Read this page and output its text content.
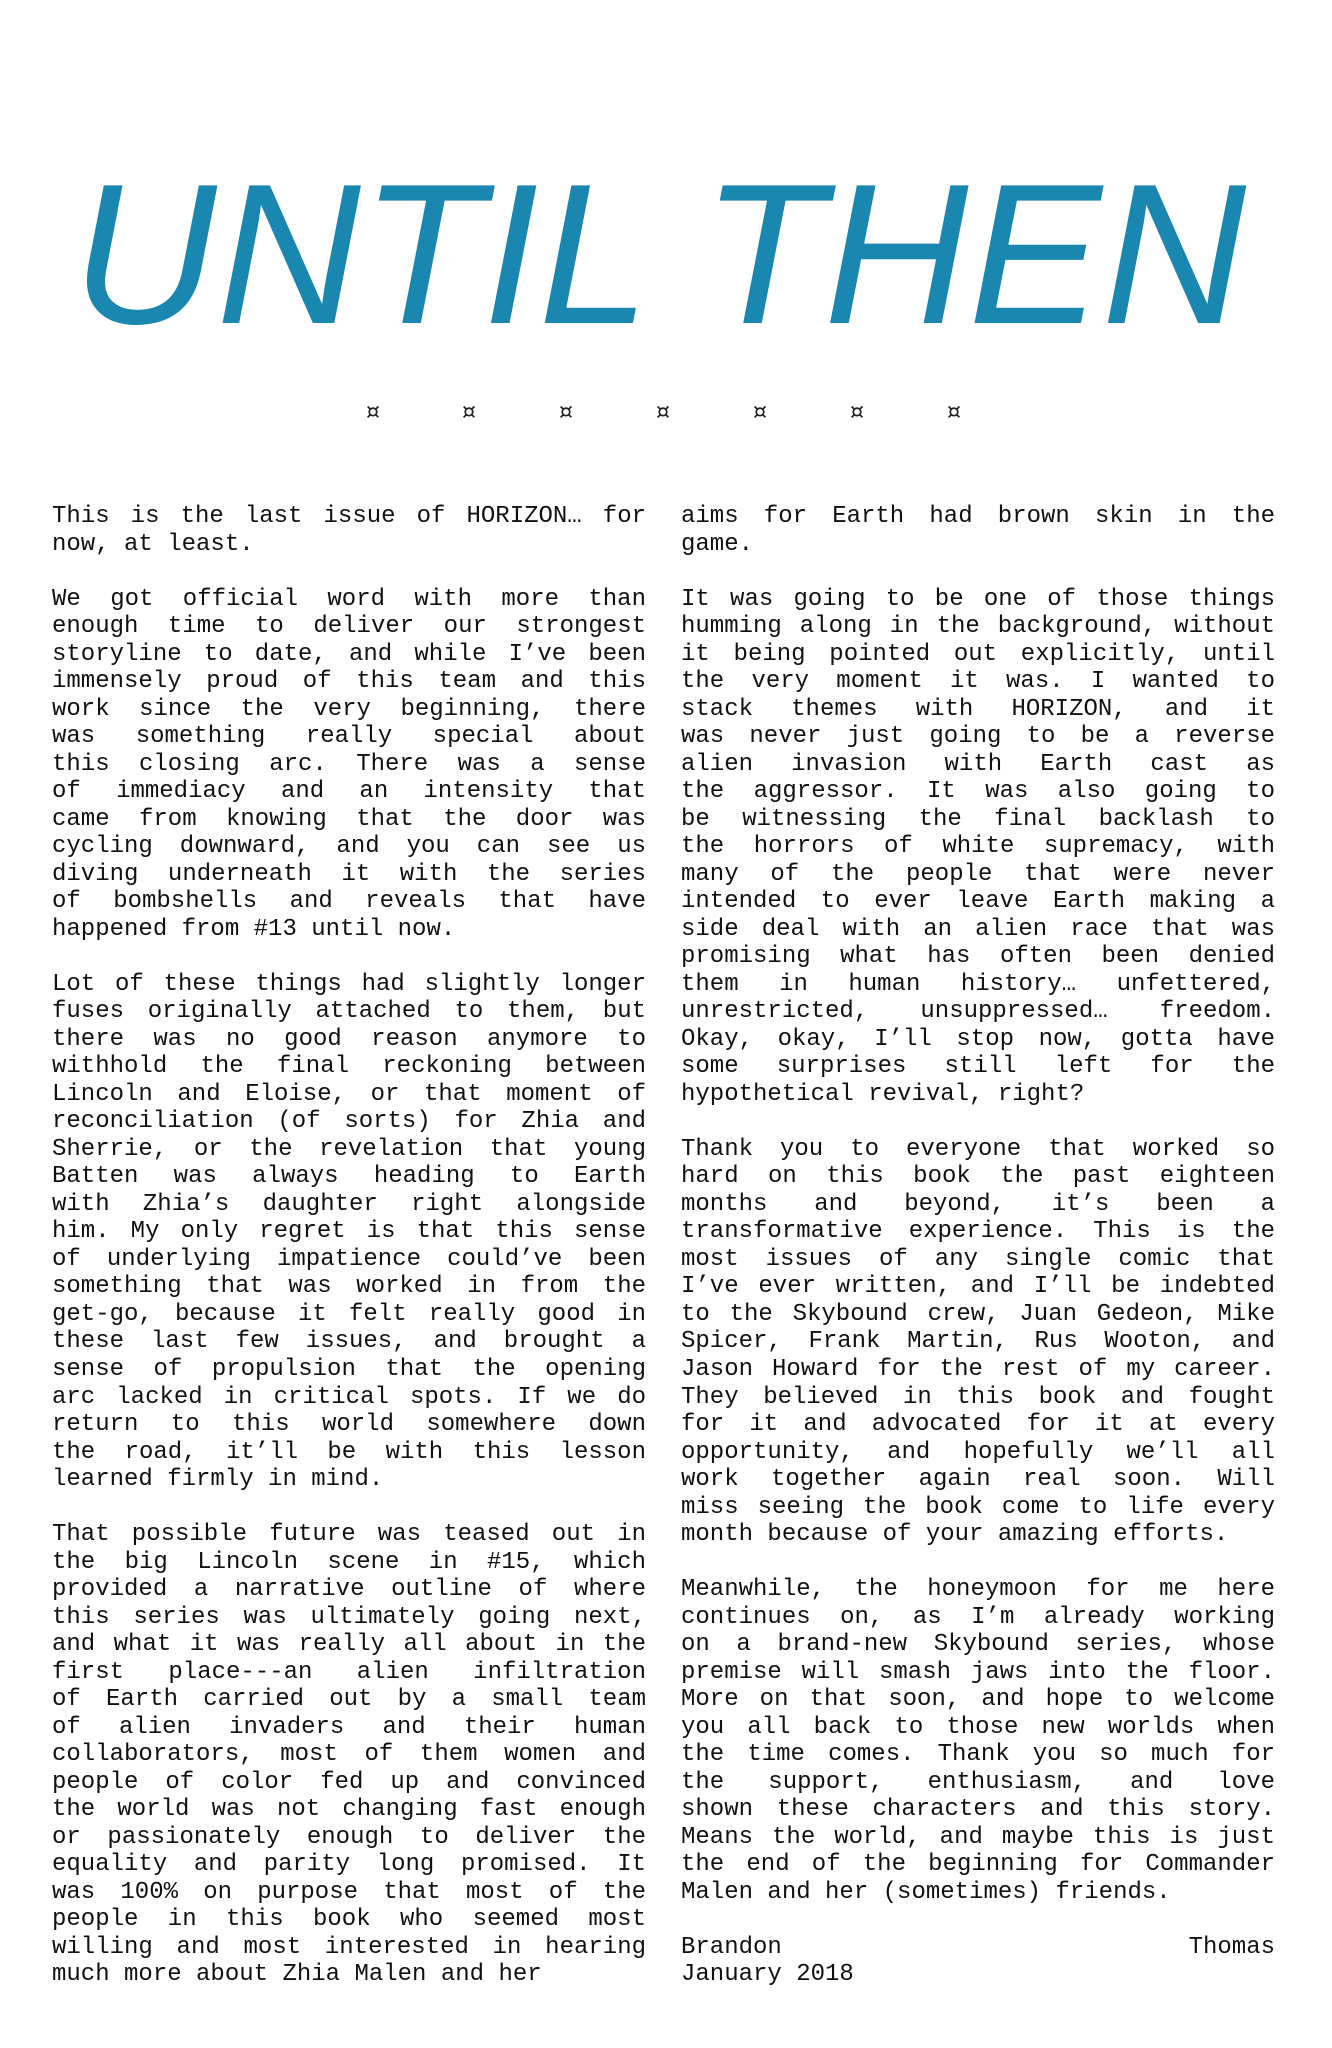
UNTIL THEN
¤	¤	¤	¤	¤	¤	¤
This is the last issue of HORIZON… for
now, at least.
We got official word with more than
enough time to deliver our strongest
storyline to date, and while I’ve been
immensely proud of this team and this
work since the very beginning, there
was something really special about
this closing arc. There was a sense
of immediacy and an intensity that
came from knowing that the door was
cycling downward, and you can see us
diving underneath it with the series
of bombshells and reveals that have
happened from #13 until now.
Lot of these things had slightly longer
fuses originally attached to them, but
there was no good reason anymore to
withhold the final reckoning between
Lincoln and Eloise, or that moment of
reconciliation (of sorts) for Zhia and
Sherrie, or the revelation that young
Batten was always heading to Earth
with Zhia’s daughter right alongside
him. My only regret is that this sense
of underlying impatience could’ve been
something that was worked in from the
get-go, because it felt really good in
these last few issues, and brought a
sense of propulsion that the opening
arc lacked in critical spots. If we do
return to this world somewhere down
the road, it’ll be with this lesson
learned firmly in mind.
That possible future was teased out in
the big Lincoln scene in #15, which
provided a narrative outline of where
this series was ultimately going next,
and what it was really all about in the
first place---an alien infiltration
of Earth carried out by a small team
of alien invaders and their human
collaborators, most of them women and
people of color fed up and convinced
the world was not changing fast enough
or passionately enough to deliver the
equality and parity long promised. It
was 100% on purpose that most of the
people in this book who seemed most
willing and most interested in hearing
much more about Zhia Malen and her
aims for Earth had brown skin in the
game.
It was going to be one of those things
humming along in the background, without
it being pointed out explicitly, until
the very moment it was. I wanted to
stack themes with HORIZON, and it
was never just going to be a reverse
alien invasion with Earth cast as
the aggressor. It was also going to
be witnessing the final backlash to
the horrors of white supremacy, with
many of the people that were never
intended to ever leave Earth making a
side deal with an alien race that was
promising what has often been denied
them in human history… unfettered,
unrestricted, unsuppressed… freedom.
Okay, okay, I’ll stop now, gotta have
some surprises still left for the
hypothetical revival, right?
Thank you to everyone that worked so
hard on this book the past eighteen
months and beyond, it’s been a
transformative experience. This is the
most issues of any single comic that
I’ve ever written, and I’ll be indebted
to the Skybound crew, Juan Gedeon, Mike
Spicer, Frank Martin, Rus Wooton, and
Jason Howard for the rest of my career.
They believed in this book and fought
for it and advocated for it at every
opportunity, and hopefully we’ll all
work together again real soon. Will
miss seeing the book come to life every
month because of your amazing efforts.
Meanwhile, the honeymoon for me here
continues on, as I’m already working
on a brand-new Skybound series, whose
premise will smash jaws into the floor.
More on that soon, and hope to welcome
you all back to those new worlds when
the time comes. Thank you so much for
the support, enthusiasm, and love
shown these characters and this story.
Means the world, and maybe this is just
the end of the beginning for Commander
Malen and her (sometimes) friends.
Brandon Thomas
January 2018
